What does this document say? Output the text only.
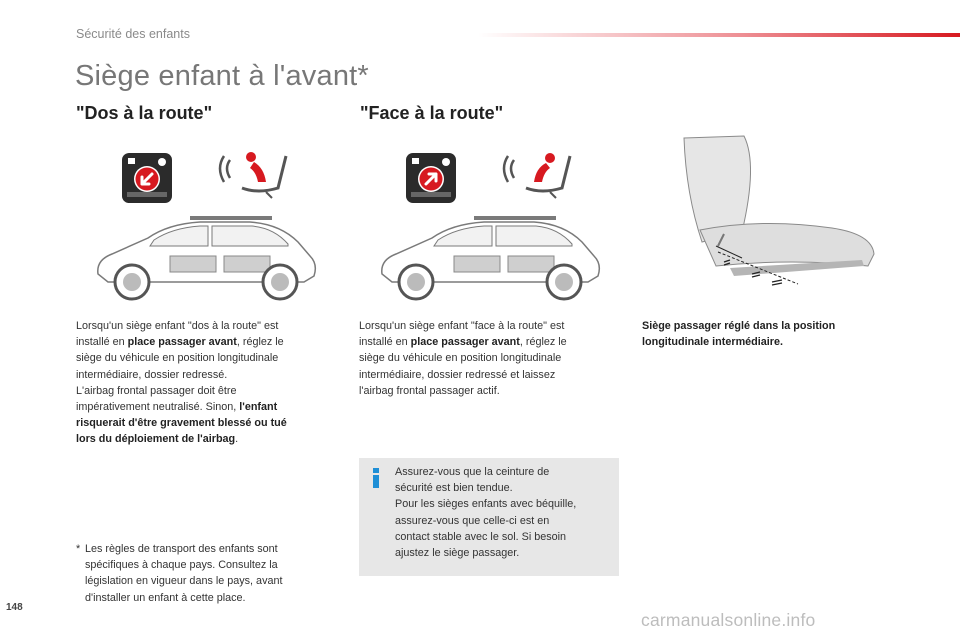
Sécurité des enfants
Siège enfant à l'avant*
"Dos à la route"	"Face à la route"
Lorsqu'un siège enfant "dos à la route" est
installé en place passager avant, réglez le
siège du véhicule en position longitudinale
intermédiaire, dossier redressé.
L'airbag frontal passager doit être
impérativement neutralisé. Sinon, l'enfant
risquerait d'être gravement blessé ou tué
lors du déploiement de l'airbag.
Lorsqu'un siège enfant "face à la route" est
installé en place passager avant, réglez le
siège du véhicule en position longitudinale
intermédiaire, dossier redressé et laissez
l'airbag frontal passager actif.
Siège passager réglé dans la position
longitudinale intermédiaire.
Assurez-vous que la ceinture de
sécurité est bien tendue.
Pour les sièges enfants avec béquille,
assurez-vous que celle-ci est en
contact stable avec le sol. Si besoin
ajustez le siège passager.
* Les règles de transport des enfants sont
spécifiques à chaque pays. Consultez la
législation en vigueur dans le pays, avant
d'installer un enfant à cette place.
148
carmanualsonline.info
